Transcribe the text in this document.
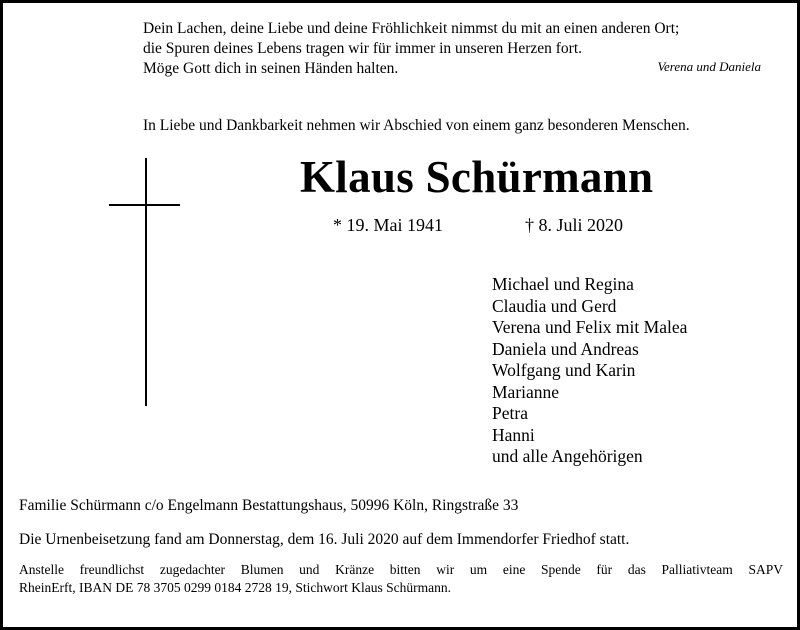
Dein Lachen, deine Liebe und deine Fröhlichkeit nimmst du mit an einen anderen Ort;
die Spuren deines Lebens tragen wir für immer in unseren Herzen fort.
Möge Gott dich in seinen Händen halten.	Verena und Daniela
In Liebe und Dankbarkeit nehmen wir Abschied von einem ganz besonderen Menschen.
Klaus Schürmann
* 19. Mai 1941	† 8. Juli 2020
Michael und Regina
Claudia und Gerd
Verena und Felix mit Malea
Daniela und Andreas
Wolfgang und Karin
Marianne
Petra
Hanni
und alle Angehörigen
Familie Schürmann c/o Engelmann Bestattungshaus, 50996 Köln, Ringstraße 33
Die Urnenbeisetzung fand am Donnerstag, dem 16. Juli 2020 auf dem Immendorfer Friedhof statt.
Anstelle freundlichst zugedachter Blumen und Kränze bitten wir um eine Spende für das Palliativteam SAPV
RheinErft, IBAN DE 78 3705 0299 0184 2728 19, Stichwort Klaus Schürmann.
